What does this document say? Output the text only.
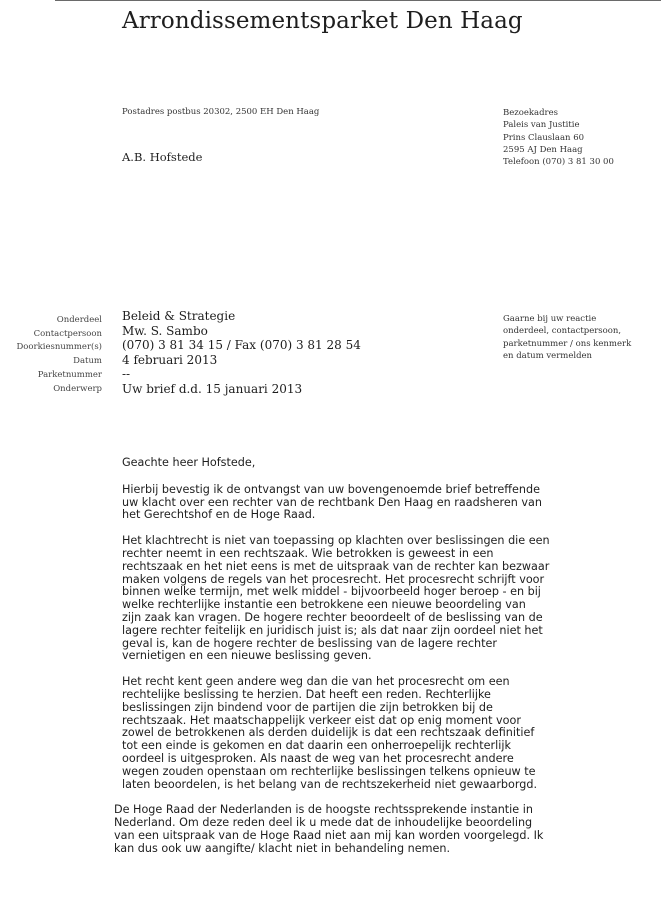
Arrondissementsparket Den Haag
Postadres postbus 20302, 2500 EH Den Haag	Bezoekadres
Paleis van Justitie
Prins Clauslaan 60
2595 AJ Den Haag
Telefoon (070) 3 81 30 00
A.B. Hofstede
Onderdeel
Contactpersoon
Doorkiesnummer(s)
Datum
Parketnummer
Onderwerp
Beleid & Strategie
Mw. S. Sambo
(070) 3 81 34 15 / Fax (070) 3 81 28 54
4 februari 2013
--
Uw brief d.d. 15 januari 2013
Gaarne bij uw reactie
onderdeel, contactpersoon,
parketnummer / ons kenmerk
en datum vermelden

Geachte heer Hofstede,

Hierbij bevestig ik de ontvangst van uw bovengenoemde brief betreffende
uw klacht over een rechter van de rechtbank Den Haag en raadsheren van
het Gerechtshof en de Hoge Raad.
Het klachtrecht is niet van toepassing op klachten over beslissingen die een
rechter neemt in een rechtszaak. Wie betrokken is geweest in een
rechtszaak en het niet eens is met de uitspraak van de rechter kan bezwaar
maken volgens de regels van het procesrecht. Het procesrecht schrijft voor
binnen welke termijn, met welk middel - bijvoorbeeld hoger beroep - en bij
welke rechterlijke instantie een betrokkene een nieuwe beoordeling van
zijn zaak kan vragen. De hogere rechter beoordeelt of de beslissing van de
lagere rechter feitelijk en juridisch juist is; als dat naar zijn oordeel niet het
geval is, kan de hogere rechter de beslissing van de lagere rechter
vernietigen en een nieuwe beslissing geven.
Het recht kent geen andere weg dan die van het procesrecht om een
rechtelijke beslissing te herzien. Dat heeft een reden. Rechterlijke
beslissingen zijn bindend voor de partijen die zijn betrokken bij de
rechtszaak. Het maatschappelijk verkeer eist dat op enig moment voor
zowel de betrokkenen als derden duidelijk is dat een rechtszaak definitief
tot een einde is gekomen en dat daarin een onherroepelijk rechterlijk
oordeel is uitgesproken. Als naast de weg van het procesrecht andere
wegen zouden openstaan om rechterlijke beslissingen telkens opnieuw te
laten beoordelen, is het belang van de rechtszekerheid niet gewaarborgd.
De Hoge Raad der Nederlanden is de hoogste rechtssprekende instantie in
Nederland. Om deze reden deel ik u mede dat de inhoudelijke beoordeling
van een uitspraak van de Hoge Raad niet aan mij kan worden voorgelegd. Ik
kan dus ook uw aangifte/ klacht niet in behandeling nemen.
